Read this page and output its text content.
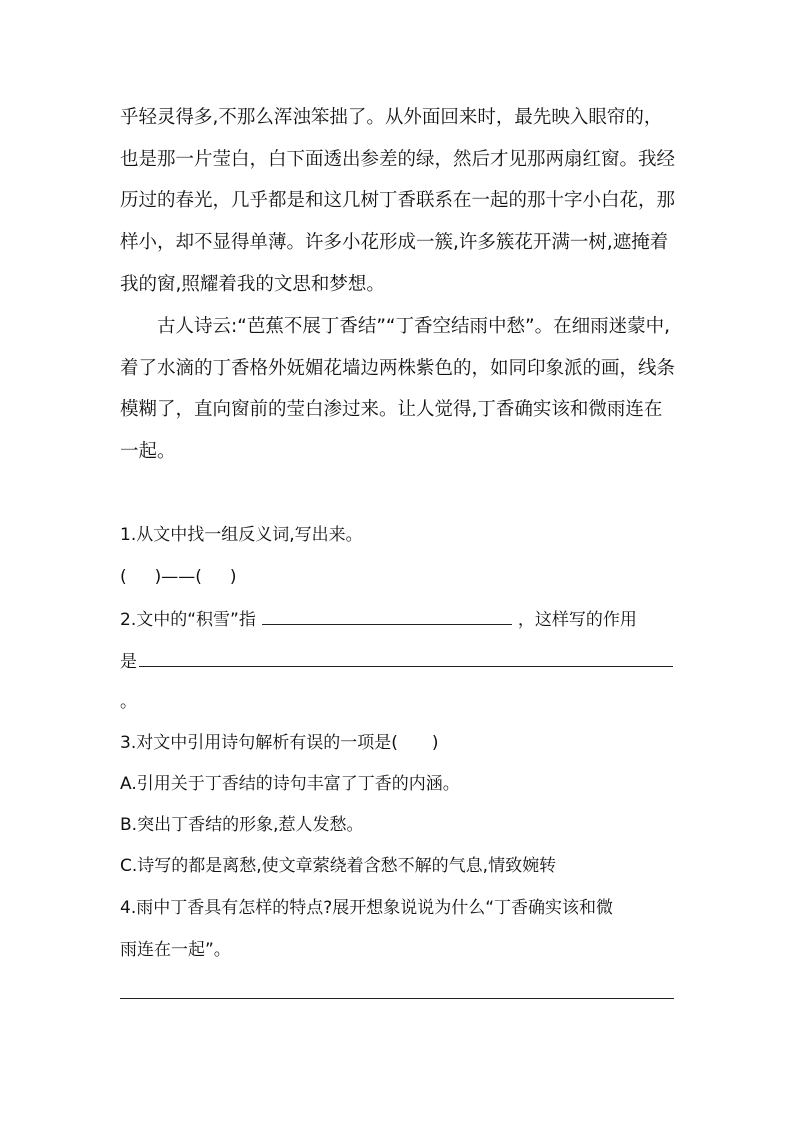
乎轻灵得多,不那么浑浊笨拙了。从外面回来时，最先映入眼帘的，也是那一片莹白，白下面透出参差的绿，然后才见那两扇红窗。我经历过的春光，几乎都是和这几树丁香联系在一起的那十字小白花，那样小，却不显得单薄。许多小花形成一簇,许多簇花开满一树,遮掩着我的窗,照耀着我的文思和梦想。

古人诗云:“芭蕉不展丁香结”“丁香空结雨中愁”。在细雨迷蒙中,着了水滴的丁香格外妩媚花墙边两株紫色的，如同印象派的画，线条模糊了，直向窗前的莹白渗过来。让人觉得,丁香确实该和微雨连在一起。

1.从文中找一组反义词,写出来。
( )——( )
2.文中的“积雪”指	，这样写的作用
是
。
3.对文中引用诗句解析有误的一项是(　　)
A.引用关于丁香结的诗句丰富了丁香的内涵。
B.突出丁香结的形象,惹人发愁。
C.诗写的都是离愁,使文章萦绕着含愁不解的气息,情致婉转
4.雨中丁香具有怎样的特点?展开想象说说为什么“丁香确实该和微
雨连在一起”。
